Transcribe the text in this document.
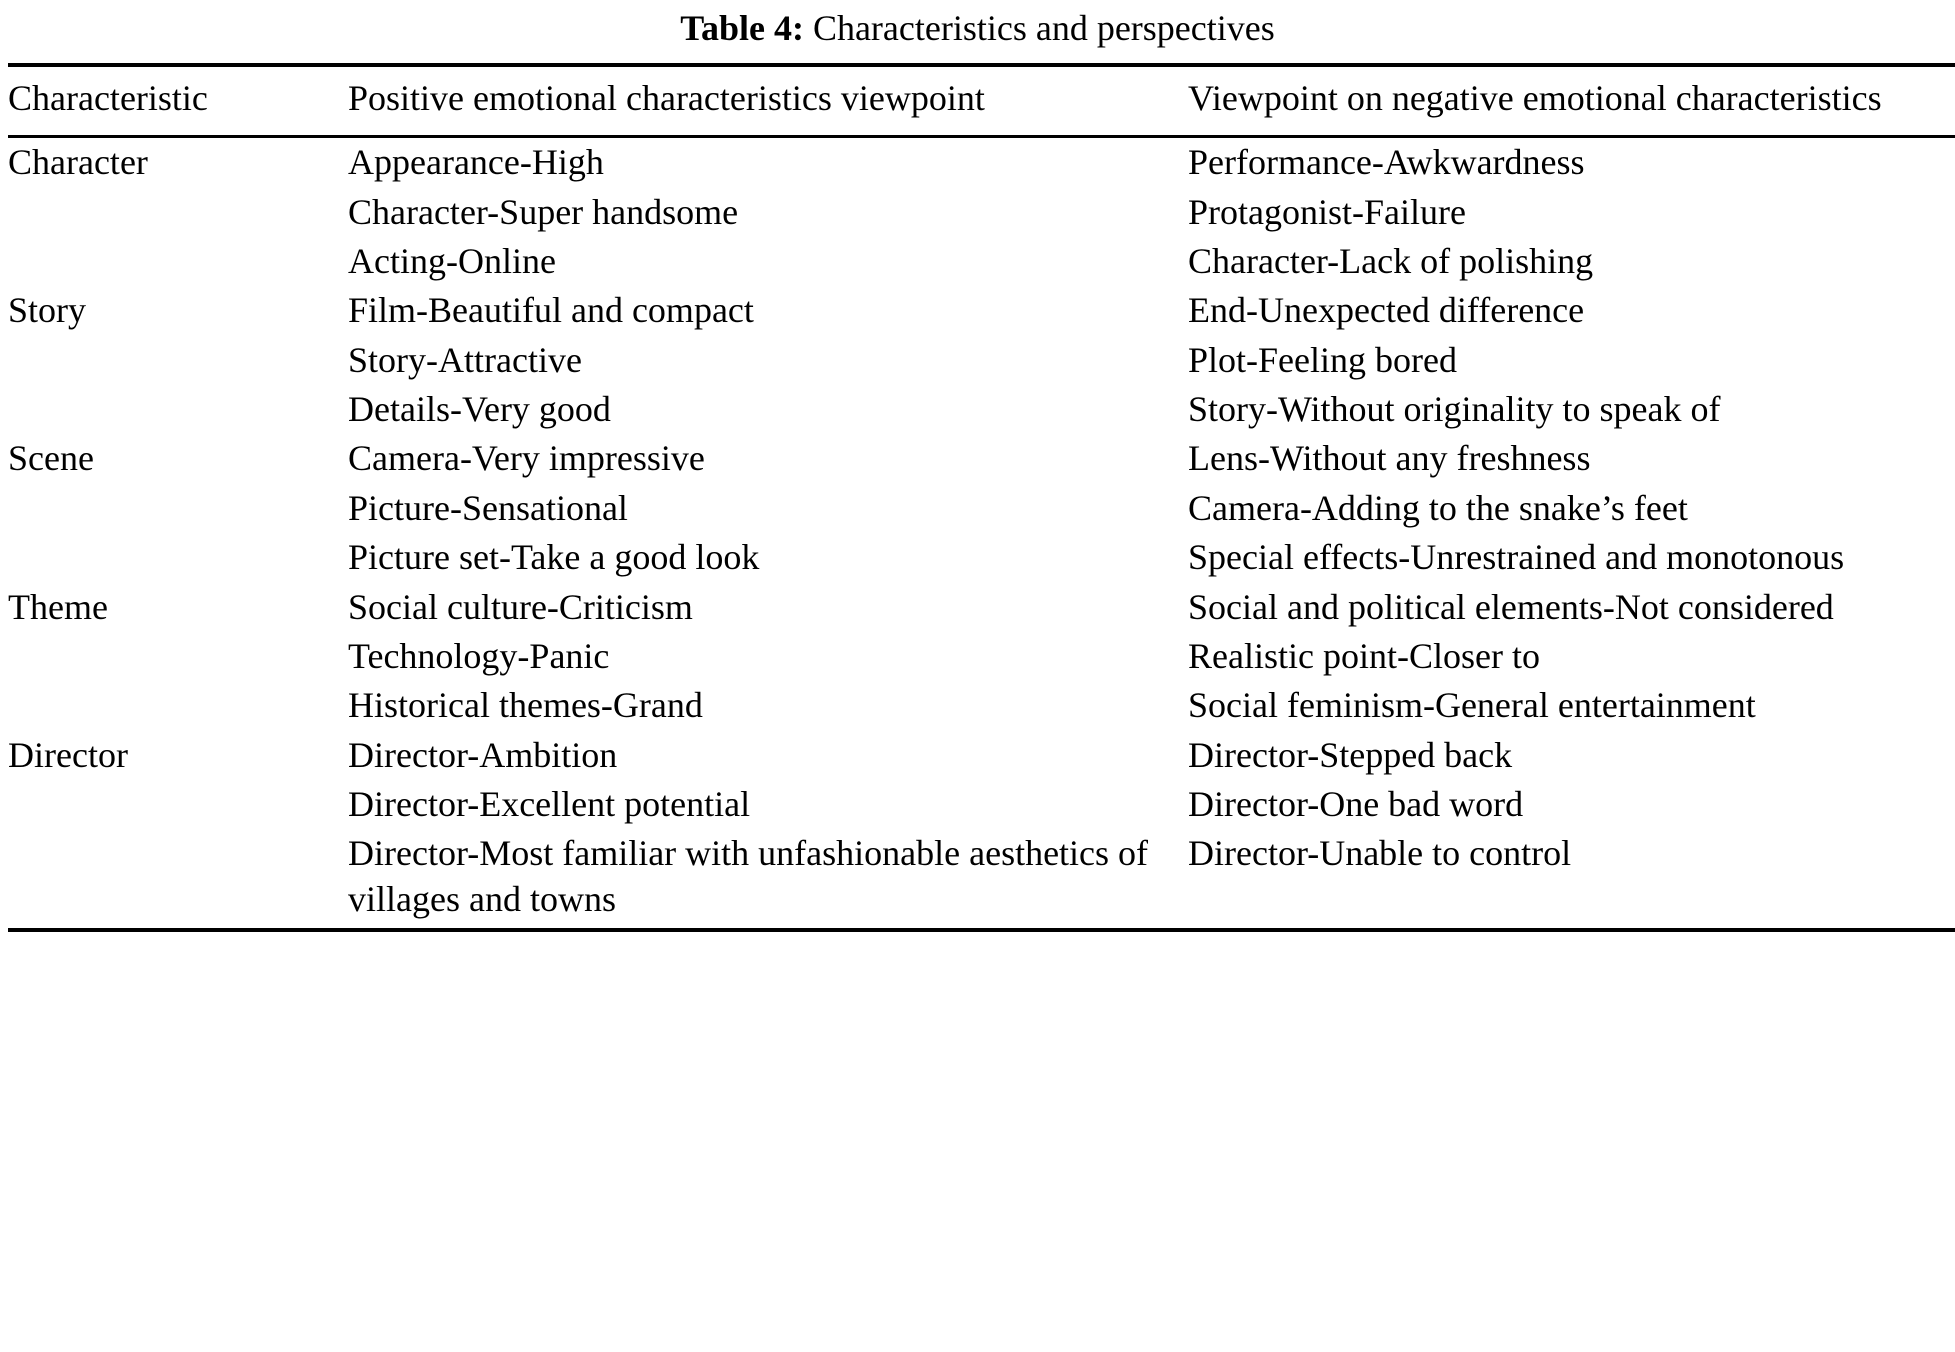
Table 4: Characteristics and perspectives
Characteristic	Positive emotional characteristics viewpoint	Viewpoint on negative emotional characteristics
Character	Appearance-High	Performance-Awkwardness
	Character-Super handsome	Protagonist-Failure
	Acting-Online	Character-Lack of polishing
Story	Film-Beautiful and compact	End-Unexpected difference
	Story-Attractive	Plot-Feeling bored
	Details-Very good	Story-Without originality to speak of
Scene	Camera-Very impressive	Lens-Without any freshness
	Picture-Sensational	Camera-Adding to the snake’s feet
	Picture set-Take a good look	Special effects-Unrestrained and monotonous
Theme	Social culture-Criticism	Social and political elements-Not considered
	Technology-Panic	Realistic point-Closer to
	Historical themes-Grand	Social feminism-General entertainment
Director	Director-Ambition	Director-Stepped back
	Director-Excellent potential	Director-One bad word
	Director-Most familiar with unfashionable aesthetics of villages and towns	Director-Unable to control
